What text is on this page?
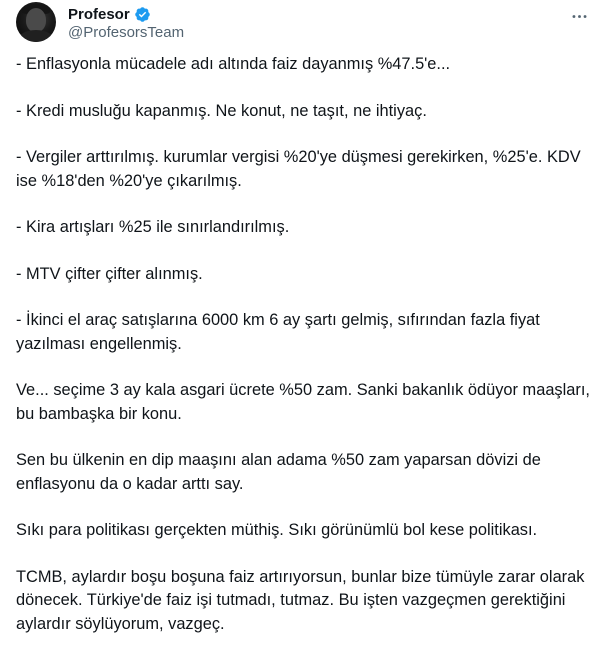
Profesor
@ProfesorsTeam

- Enflasyonla mücadele adı altında faiz dayanmış %47.5'e...

- Kredi musluğu kapanmış. Ne konut, ne taşıt, ne ihtiyaç.

- Vergiler arttırılmış. kurumlar vergisi %20'ye düşmesi gerekirken, %25'e. KDV ise %18'den %20'ye çıkarılmış.

- Kira artışları %25 ile sınırlandırılmış.

- MTV çifter çifter alınmış.

- İkinci el araç satışlarına 6000 km 6 ay şartı gelmiş, sıfırından fazla fiyat yazılması engellenmiş.

Ve... seçime 3 ay kala asgari ücrete %50 zam. Sanki bakanlık ödüyor maaşları, bu bambaşka bir konu.

Sen bu ülkenin en dip maaşını alan adama %50 zam yaparsan dövizi de enflasyonu da o kadar arttı say.

Sıkı para politikası gerçekten müthiş. Sıkı görünümlü bol kese politikası.

TCMB, aylardır boşu boşuna faiz artırıyorsun, bunlar bize tümüyle zarar olarak dönecek. Türkiye'de faiz işi tutmadı, tutmaz. Bu işten vazgeçmen gerektiğini aylardır söylüyorum, vazgeç.
